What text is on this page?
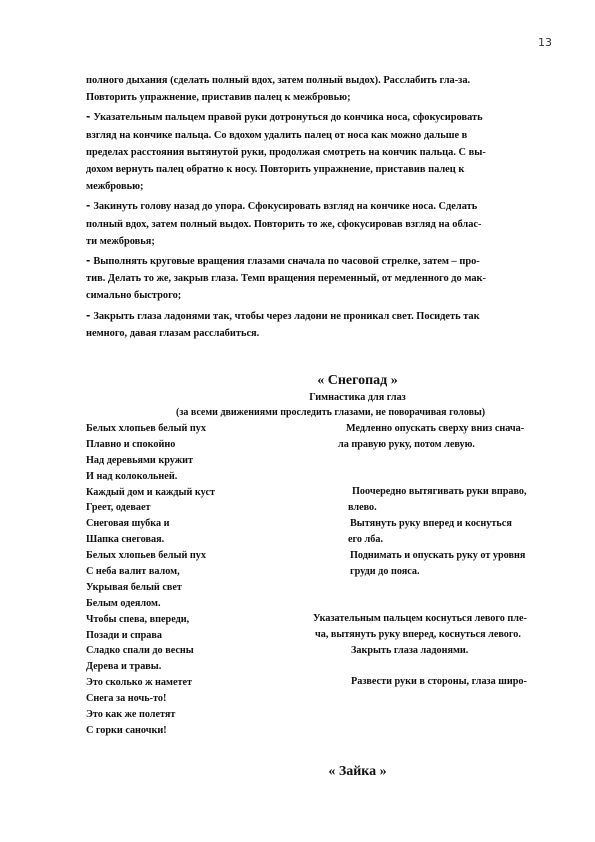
13

полного дыхания (сделать полный вдох, затем полный выдох). Расслабить гла-за.
Повторить упражнение, приставив палец к межбровью;

- Указательным пальцем правой руки дотронуться до кончика носа, сфокусировать
взгляд на кончике пальца. Со вдохом удалить палец от носа как можно дальше в
пределах расстояния вытянутой руки, продолжая смотреть на кончик пальца. С вы-
дохом вернуть палец обратно к носу. Повторить упражнение, приставив палец к
межбровью;

- Закинуть голову назад до упора. Сфокусировать взгляд на кончике носа. Сделать
полный вдох, затем полный выдох. Повторить то же, сфокусировав взгляд на облас-
ти межбровья;

- Выполнять круговые вращения глазами сначала по часовой стрелке, затем – про-
тив. Делать то же, закрыв глаза. Темп вращения переменный, от медленного до мак-
симально быстрого;

- Закрыть глаза ладонями так, чтобы через ладони не проникал свет. Посидеть так
немного, давая глазам расслабиться.

« Снегопад »
Гимнастика для глаз
(за всеми движениями проследить глазами, не поворачивая головы)
Белых хлопьев белый пух
Плавно и спокойно
Над деревьями кружит
И над колокольней.
Каждый дом и каждый куст
Греет, одевает
Снеговая шубка и
Шапка снеговая.
Белых хлопьев белый пух
С неба валит валом,
Укрывая белый свет
Белым одеялом.
Чтобы спева, впереди,
Позади и справа
Сладко спали до весны
Дерева и травы.
Это сколько ж наметет
Снега за ночь-то!
Это как же полетят
С горки саночки!
Медленно опускать сверху вниз снача-
ла правую руку, потом левую.
Поочередно вытягивать руки вправо,
влево.
Вытянуть руку вперед и коснуться
его лба.
Поднимать и опускать руку от уровня
груди до пояса.
Указательным пальцем коснуться левого пле-
ча, вытянуть руку вперед, коснуться левого.
Закрыть глаза ладонями.
Развести руки в стороны, глаза широ-
« Зайка »
